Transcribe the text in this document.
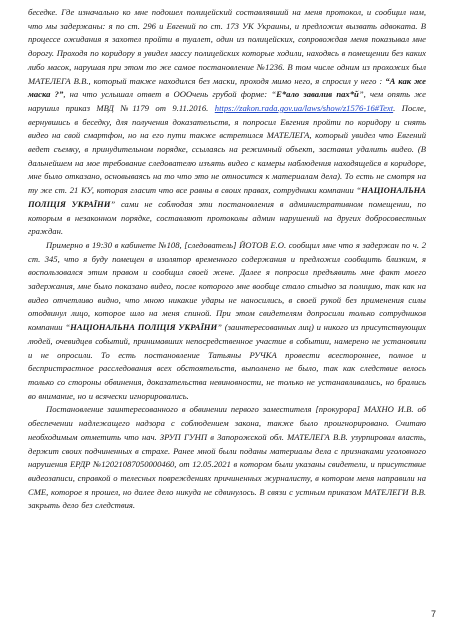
беседке. Где изначально ко мне подошел полицейский составлявший на меня протокол, и сообщил нам, что мы задержаны: я по ст. 296 и Евгений по ст. 173 УК Украины, и предложил вызвать адвоката. В процессе ожидания я захотел пройти в туалет, один из полицейских, сопровождая меня показывал мне дорогу. Проходя по коридору я увидел массу полицейских которые ходили, находясь в помещении без каких либо масок, нарушая при этом то же самое постановление №1236. В том числе одним из прохожих был МАТЕЛЕГА В.В., который также находился без маски, проходя мимо него, я спросил у него : “А как же маска ?”, на что услышал ответ в ОООчень грубой форме: “Е*ало завалив пах*й”, чем опять же нарушил приказ МВД №1179 от 9.11.2016. https://zakon.rada.gov.ua/laws/show/z1576-16#Text. После, вернувшись в беседку, для получения доказательств, я попросил Евгения пройти по коридору и снять видео на свой смартфон, но на его пути также встретился МАТЕЛЕГА, который увидел что Евгений ведет съемку, в принудительном порядке, ссылаясь на режимный объект, заставил удалить видео. (В дальнейшем на мое требование следователю изъять видео с камеры наблюдения находящейся в коридоре, мне было отказано, основываясь на то что это не относится к материалам дела). То есть не смотря на ту же ст. 21 КУ, которая гласит что все равны в своих правах, сотрудники компании “НАЦІОНАЛЬНА ПОЛІЦІЯ УКРАЇНИ” сами не соблюдая эти постановления в административном помещении, по которым в незаконном порядке, составляют протоколы админ нарушений на других добросовестных граждан.

Примерно в 19:30 в кабинете №108, [следователь] ЙОТОВ Е.О. сообщил мне что я задержан по ч. 2 ст. 345, что я буду помещен в изолятор временного содержания и предложил сообщить близким, я воспользовался этим правом и сообщил своей жене. Далее я попросил предъявить мне факт моего задержания, мне было показано видео, после которого мне вообще стало стыдно за полицию, так как на видео отчетливо видно, что мною никакие удары не наносились, в своей рукой без применения силы отодвинул лицо, которое шло на меня спиной. При этом свидетелям допросили только сотрудников компании “НАЦІОНАЛЬНА ПОЛІЦІЯ УКРАЇНИ” (заинтересованных лиц) и никого из присутствующих людей, очевидцев событий, принимавших непосредственное участие в событии, намерено не установили и не опросили. То есть постановление Татьяны РУЧКА провести всестороннее, полное и беспристрастное расследования всех обстоятельств, выполнено не было, так как следствие велось только со стороны обвинения, доказательства невиновности, не только не устанавливались, но брались во внимание, но и всячески игнорировались.

Постановление заинтересованного в обвинении первого заместителя [прокурора] МАХНО И.В. об обеспечении надлежащего надзора с соблюдением закона, также было проигнорировано. Считаю необходимым отметить что нач. ЗРУП ГУНП в Запорожской обл. МАТЕЛЕГА В.В. узурпировал власть, держит своих подчиненных в страхе. Ранее мной были поданы материалы дела с признаками уголовного нарушения ЕРДР №12021087050000460, от 12.05.2021 в котором были указаны свидетели, и присутствие видеозаписи, справкой о телесных повреждениях причиненных журналисту, в котором меня направили на СМЕ, которое я прошел, но далее дело никуда не сдвинулось. В связи с устным приказом МАТЕЛЕГИ В.В. закрыть дело без следствия.

7
